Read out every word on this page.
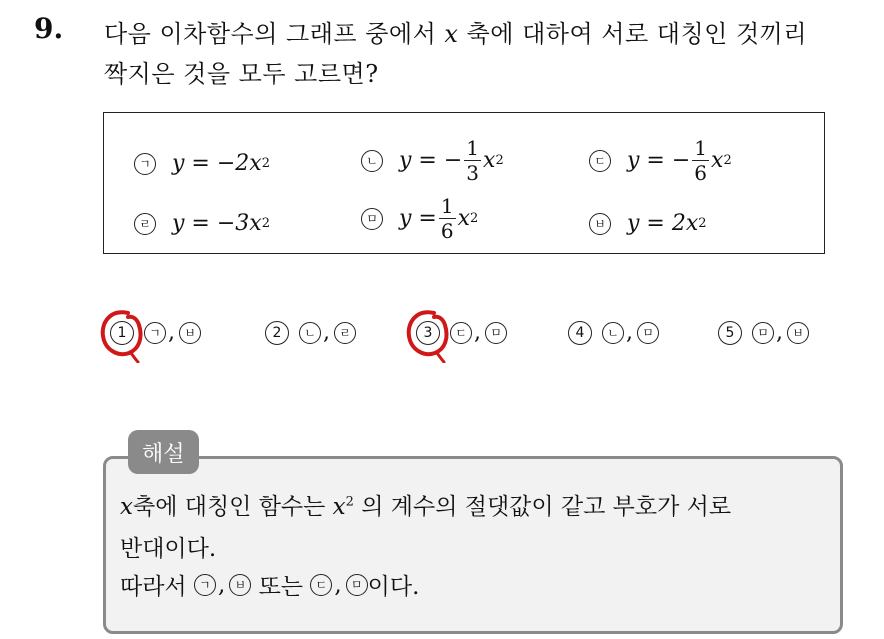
9. 다음 이차함수의 그래프 중에서 x 축에 대하여 서로 대칭인 것끼리
짝지은 것을 모두 고르면?
ㄱ y = −2x 2	ㄴ y = − $\frac{1}{3}$ x 2	ㄷ y = − $\frac{1}{6}$ x 2
ㄹ y = −3x 2	ㅁ $y = \frac{1}{6}$ x 2	ㅂ y = 2x 2
1	ㄱ , ㅂ	2	ㄴ , ㄹ	3	ㄷ , ㅁ	4	ㄴ , ㅁ	5	ㅁ , ㅂ
해설
x축에 대칭인 함수는 $x^2$ 의 계수의 절댓값이 같고 부호가 서로
반대이다.
따라서
	ㄱ , ㅂ
또는
	ㄷ , ㅁ 이다.
